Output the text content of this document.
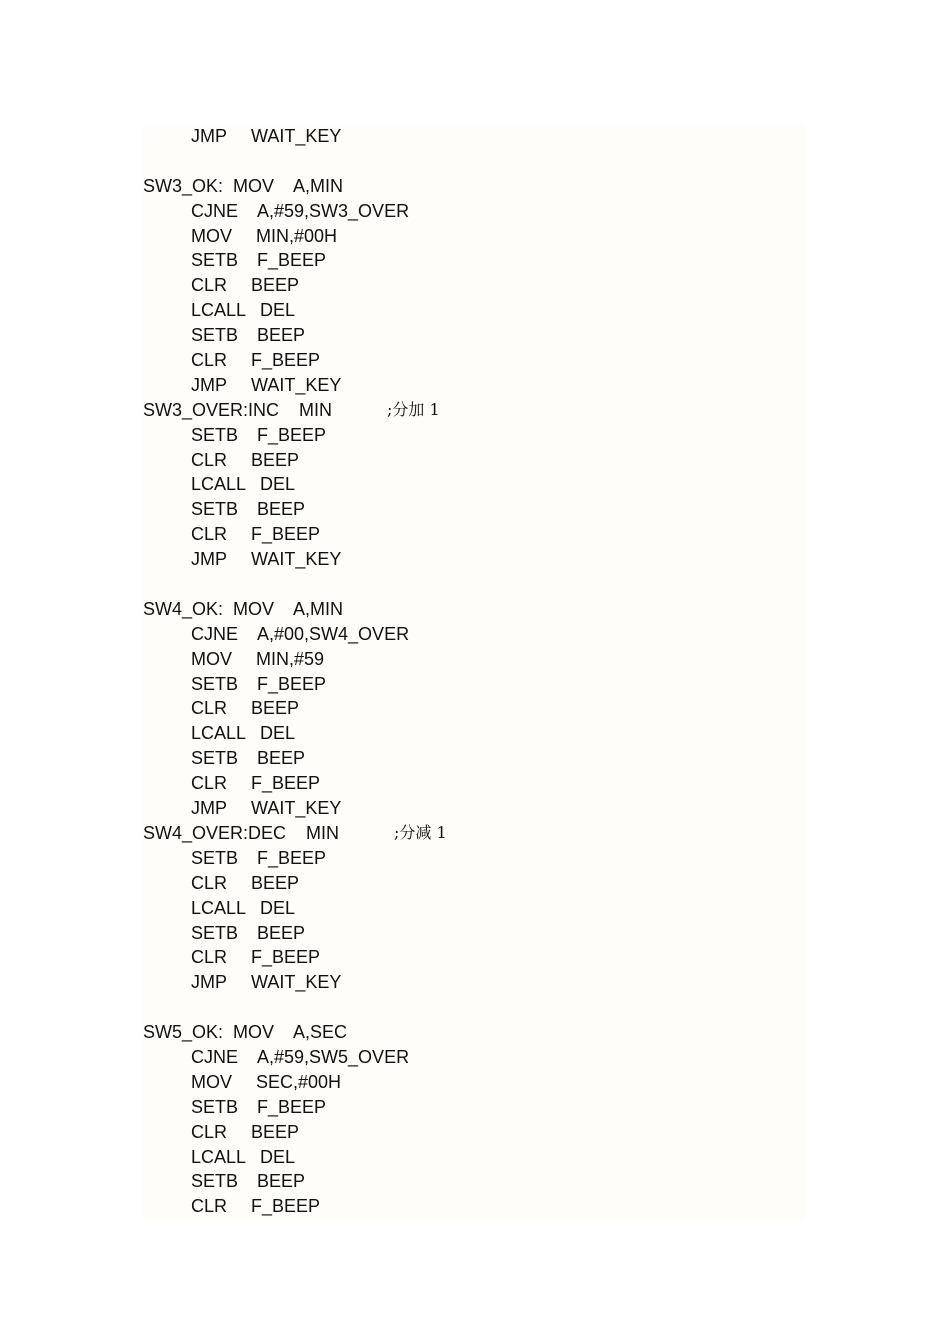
JMP WAIT_KEY
SW3_OK:  MOV    A,MIN
CJNE A,#59,SW3_OVER
MOV MIN,#00H
SETB F_BEEP
CLR BEEP
LCALL DEL
SETB BEEP
CLR F_BEEP
JMP WAIT_KEY
SW3_OVER:INC    MIN	;分加 1
SETB F_BEEP
CLR BEEP
LCALL DEL
SETB BEEP
CLR F_BEEP
JMP WAIT_KEY
SW4_OK:  MOV    A,MIN
CJNE A,#00,SW4_OVER
MOV MIN,#59
SETB F_BEEP
CLR BEEP
LCALL DEL
SETB BEEP
CLR F_BEEP
JMP WAIT_KEY
SW4_OVER:DEC    MIN	;分减 1
SETB F_BEEP
CLR BEEP
LCALL DEL
SETB BEEP
CLR F_BEEP
JMP WAIT_KEY
SW5_OK:  MOV    A,SEC
CJNE A,#59,SW5_OVER
MOV SEC,#00H
SETB F_BEEP
CLR BEEP
LCALL DEL
SETB BEEP
CLR F_BEEP
